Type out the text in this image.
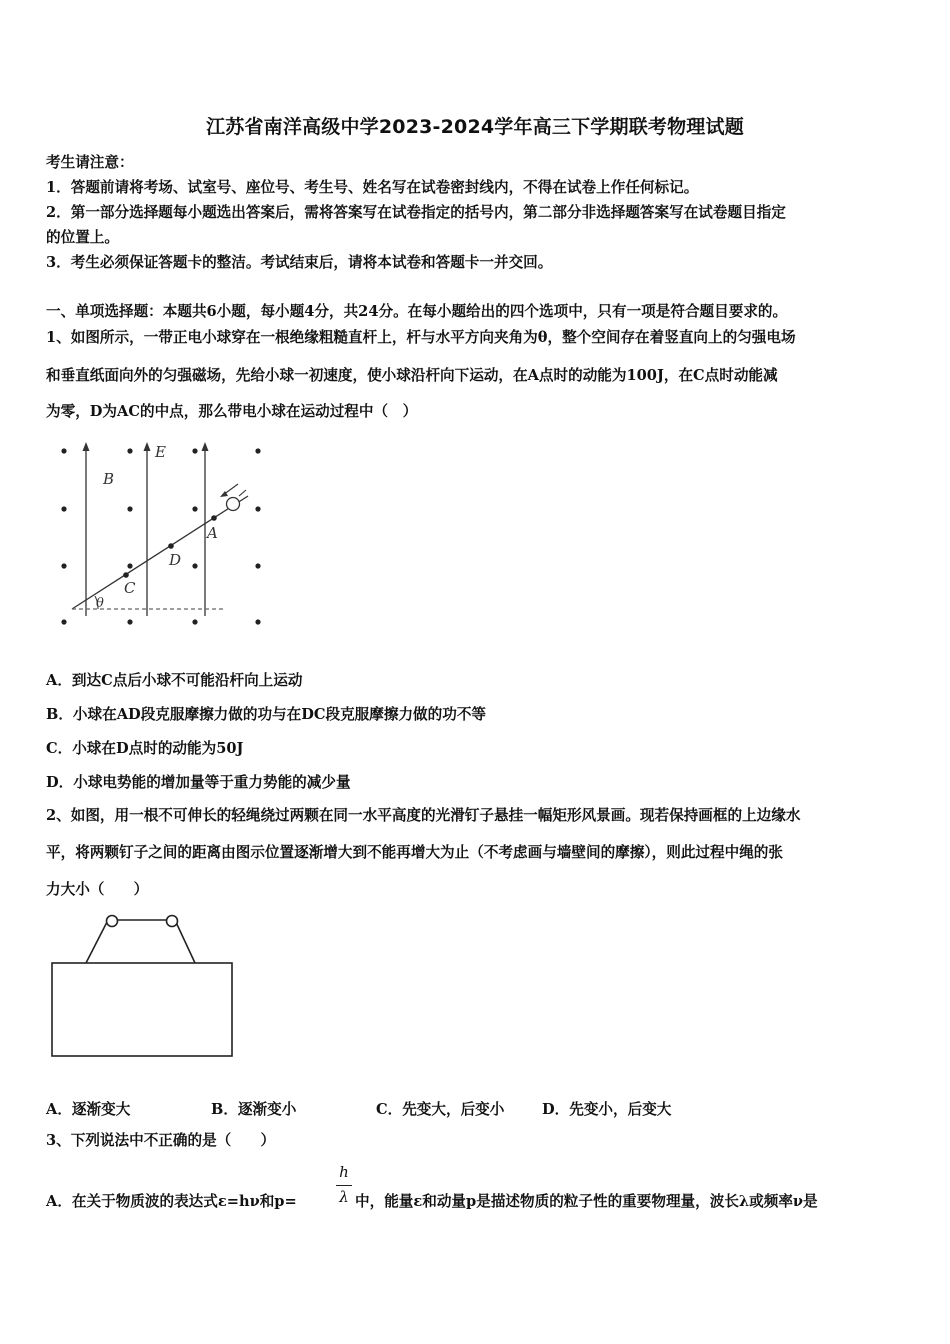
江苏省南洋高级中学2023-2024学年高三下学期联考物理试题
考生请注意：
1．答题前请将考场、试室号、座位号、考生号、姓名写在试卷密封线内，不得在试卷上作任何标记。
2．第一部分选择题每小题选出答案后，需将答案写在试卷指定的括号内，第二部分非选择题答案写在试卷题目指定
的位置上。
3．考生必须保证答题卡的整洁。考试结束后，请将本试卷和答题卡一并交回。
一、单项选择题：本题共6小题，每小题4分，共24分。在每小题给出的四个选项中，只有一项是符合题目要求的。
1、如图所示，一带正电小球穿在一根绝缘粗糙直杆上，杆与水平方向夹角为θ，整个空间存在着竖直向上的匀强电场
和垂直纸面向外的匀强磁场，先给小球一初速度，使小球沿杆向下运动，在A点时的动能为100J，在C点时动能减
为零，D为AC的中点，那么带电小球在运动过程中（　）
B
E
A
D
C
θ
A．到达C点后小球不可能沿杆向上运动
B．小球在AD段克服摩擦力做的功与在DC段克服摩擦力做的功不等
C．小球在D点时的动能为50J
D．小球电势能的增加量等于重力势能的减少量
2、如图，用一根不可伸长的轻绳绕过两颗在同一水平高度的光滑钉子悬挂一幅矩形风景画。现若保持画框的上边缘水
平，将两颗钉子之间的距离由图示位置逐渐增大到不能再增大为止（不考虑画与墙壁间的摩擦），则此过程中绳的张
力大小（　　）
A．逐渐变大	B．逐渐变小	C．先变大，后变小	D．先变小，后变大
3、下列说法中不正确的是（　　）
A．在关于物质波的表达式ε=hν和p=
h
λ 中，能量ε和动量p是描述物质的粒子性的重要物理量，波长λ或频率ν是
